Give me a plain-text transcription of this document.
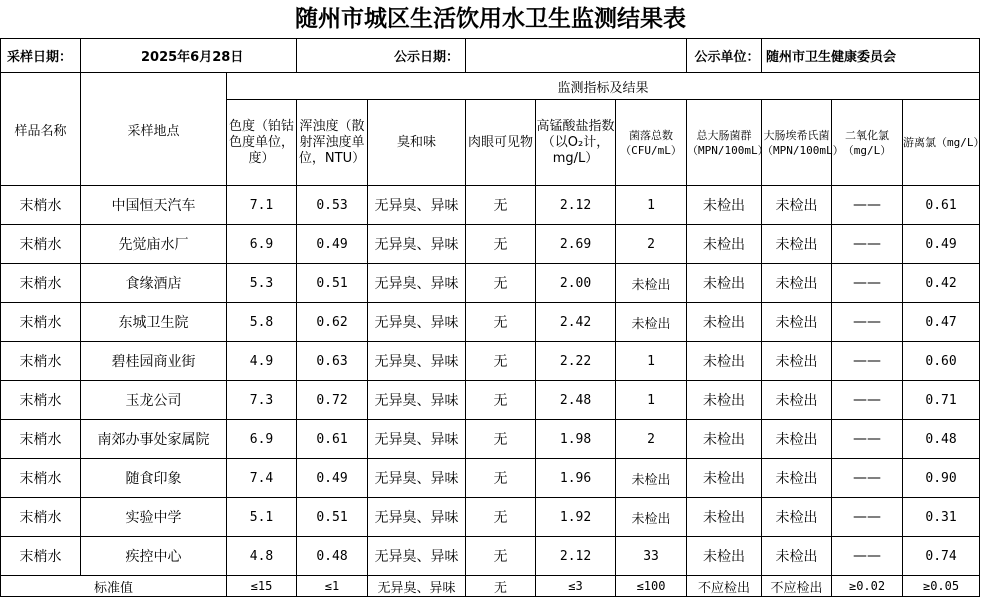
随州市城区生活饮用水卫生监测结果表
采样日期：	2025年6月28日		公示日期：					公示单位：	随州市卫生健康委员会		
样品名称	采样地点	监测指标及结果									
		色度（铂钴色度单位，度）	浑浊度（散射浑浊度单位，NTU）	臭和味	肉眼可见物	高锰酸盐指数（以O₂计，mg/L）	菌落总数（CFU/mL）	总大肠菌群（MPN/100mL）	大肠埃希氏菌（MPN/100mL）	二氧化氯（mg/L）	游离氯（mg/L）
末梢水	中国恒天汽车	7.1	0.53	无异臭、异味	无	2.12	1	未检出	未检出	——	0.61
末梢水	先觉庙水厂	6.9	0.49	无异臭、异味	无	2.69	2	未检出	未检出	——	0.49
末梢水	食缘酒店	5.3	0.51	无异臭、异味	无	2.00	未检出	未检出	未检出	——	0.42
末梢水	东城卫生院	5.8	0.62	无异臭、异味	无	2.42	未检出	未检出	未检出	——	0.47
末梢水	碧桂园商业街	4.9	0.63	无异臭、异味	无	2.22	1	未检出	未检出	——	0.60
末梢水	玉龙公司	7.3	0.72	无异臭、异味	无	2.48	1	未检出	未检出	——	0.71
末梢水	南郊办事处家属院	6.9	0.61	无异臭、异味	无	1.98	2	未检出	未检出	——	0.48
末梢水	随食印象	7.4	0.49	无异臭、异味	无	1.96	未检出	未检出	未检出	——	0.90
末梢水	实验中学	5.1	0.51	无异臭、异味	无	1.92	未检出	未检出	未检出	——	0.31
末梢水	疾控中心	4.8	0.48	无异臭、异味	无	2.12	33	未检出	未检出	——	0.74
标准值		≤15	≤1	无异臭、异味	无	≤3	≤100	不应检出	不应检出	≥0.02	≥0.05
